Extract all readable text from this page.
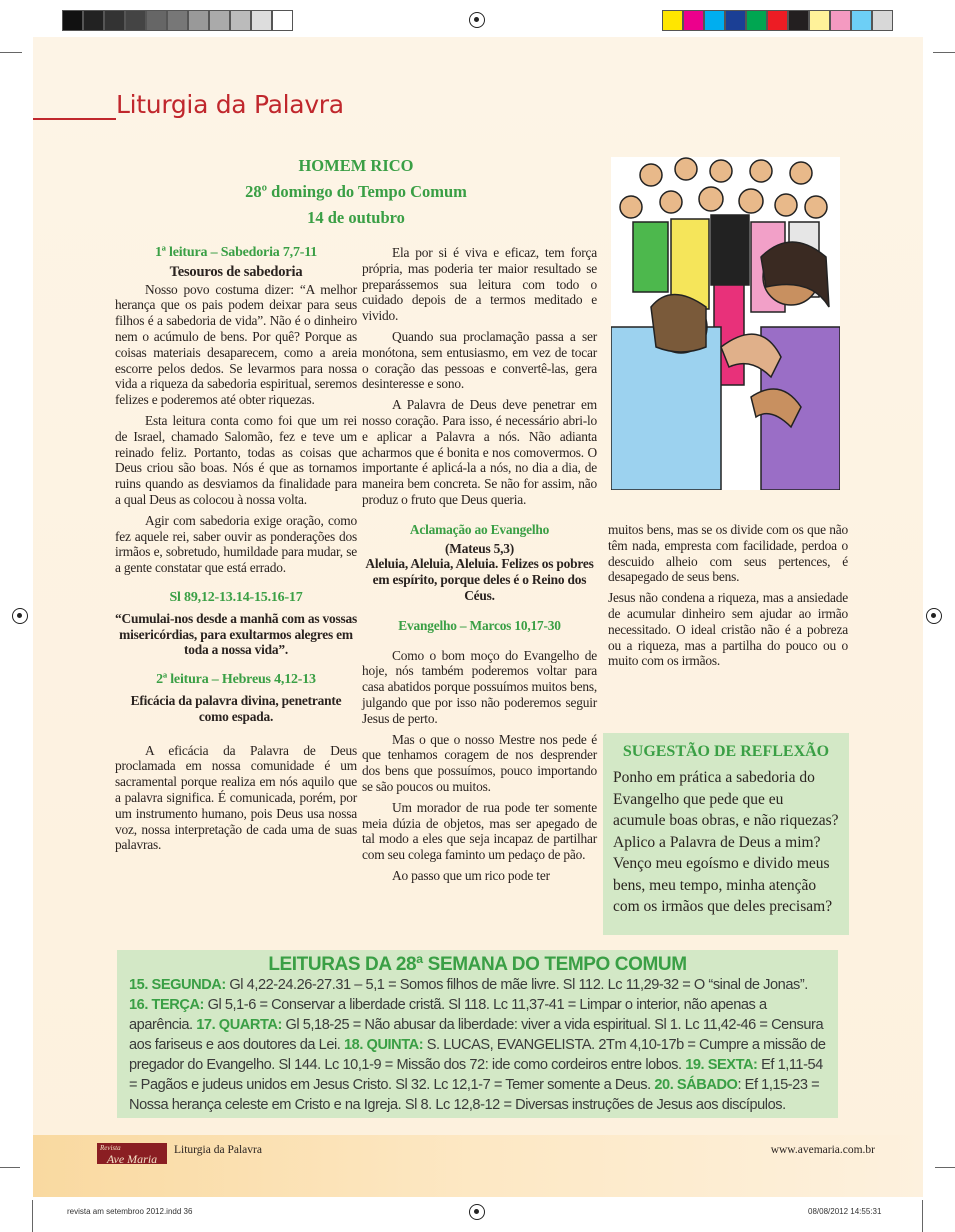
Liturgia da Palavra
HOMEM RICO
28º domingo do Tempo Comum
14 de outubro
1ª leitura – Sabedoria 7,7-11
Tesouros de sabedoria

Nosso povo costuma dizer: “A melhor herança que os pais podem deixar para seus filhos é a sabedoria de vida”. Não é o dinheiro nem o acúmulo de bens. Por quê? Porque as coisas materiais desaparecem, como a areia escorre pelos dedos. Se levarmos para nossa vida a riqueza da sabedoria espiritual, seremos felizes e poderemos até obter riquezas.

Esta leitura conta como foi que um rei de Israel, chamado Salomão, fez e teve um reinado feliz. Portanto, todas as coisas que Deus criou são boas. Nós é que as tornamos ruins quando as desviamos da finalidade para a qual Deus as colocou à nossa volta.

Agir com sabedoria exige oração, como fez aquele rei, saber ouvir as ponderações dos irmãos e, sobretudo, humildade para mudar, se a gente constatar que está errado.

Sl 89,12-13.14-15.16-17
“Cumulai-nos desde a manhã com as vossas misericórdias, para exultarmos alegres em toda a nossa vida”.
2ª leitura – Hebreus 4,12-13
Eficácia da palavra divina, penetrante como espada.

A eficácia da Palavra de Deus proclamada em nossa comunidade é um sacramental porque realiza em nós aquilo que a palavra significa. É comunicada, porém, por um instrumento humano, pois Deus usa nossa voz, nossa interpretação de cada uma de suas palavras.

Ela por si é viva e eficaz, tem força própria, mas poderia ter maior resultado se preparássemos sua leitura com todo o cuidado depois de a termos meditado e vivido.

Quando sua proclamação passa a ser monótona, sem entusiasmo, em vez de tocar o coração das pessoas e convertê-las, gera desinteresse e sono.

A Palavra de Deus deve penetrar em nosso coração. Para isso, é necessário abri-lo e aplicar a Palavra a nós. Não adianta acharmos que é bonita e nos comovermos. O importante é aplicá-la a nós, no dia a dia, de maneira bem concreta. Se não for assim, não produz o fruto que Deus queria.

Aclamação ao Evangelho
(Mateus 5,3)
Aleluia, Aleluia, Aleluia. Felizes os pobres em espírito, porque deles é o Reino dos Céus.
Evangelho – Marcos 10,17-30

Como o bom moço do Evangelho de hoje, nós também poderemos voltar para casa abatidos porque possuímos muitos bens, julgando que por isso não poderemos seguir Jesus de perto.

Mas o que o nosso Mestre nos pede é que tenhamos coragem de nos desprender dos bens que possuímos, pouco importando se são poucos ou muitos.

Um morador de rua pode ter somente meia dúzia de objetos, mas ser apegado de tal modo a eles que seja incapaz de partilhar com seu colega faminto um pedaço de pão.

Ao passo que um rico pode ter

muitos bens, mas se os divide com os que não têm nada, empresta com facilidade, perdoa o descuido alheio com seus pertences, é desapegado de seus bens.

Jesus não condena a riqueza, mas a ansiedade de acumular dinheiro sem ajudar ao irmão necessitado. O ideal cristão não é a pobreza ou a riqueza, mas a partilha do pouco ou o muito com os irmãos.

SUGESTÃO DE REFLEXÃO
Ponho em prática a sabedoria do Evangelho que pede que eu acumule boas obras, e não riquezas? Aplico a Palavra de Deus a mim? Venço meu egoísmo e divido meus bens, meu tempo, minha atenção com os irmãos que deles precisam?
LEITURAS DA 28ª SEMANA DO TEMPO COMUM
15. SEGUNDA: Gl 4,22-24.26-27.31 – 5,1 = Somos filhos de mãe livre. Sl 112. Lc 11,29-32 = O “sinal de Jonas”. 16. TERÇA: Gl 5,1-6 = Conservar a liberdade cristã. Sl 118. Lc 11,37-41 = Limpar o interior, não apenas a aparência. 17. QUARTA: Gl 5,18-25 = Não abusar da liberdade: viver a vida espiritual. Sl 1. Lc 11,42-46 = Censura aos fariseus e aos doutores da Lei. 18. QUINTA: S. LUCAS, EVANGELISTA. 2Tm 4,10-17b = Cumpre a missão de pregador do Evangelho. Sl 144. Lc 10,1-9 = Missão dos 72: ide como cordeiros entre lobos. 19. SEXTA: Ef 1,11-54 = Pagãos e judeus unidos em Jesus Cristo. Sl 32. Lc 12,1-7 = Temer somente a Deus. 20. SÁBADO: Ef 1,15-23 = Nossa herança celeste em Cristo e na Igreja. Sl 8. Lc 12,8-12 = Diversas instruções de Jesus aos discípulos.
Revista
Ave Maria
Liturgia da Palavra	www.avemaria.com.br
revista am setembroo 2012.indd 36	08/08/2012 14:55:31
